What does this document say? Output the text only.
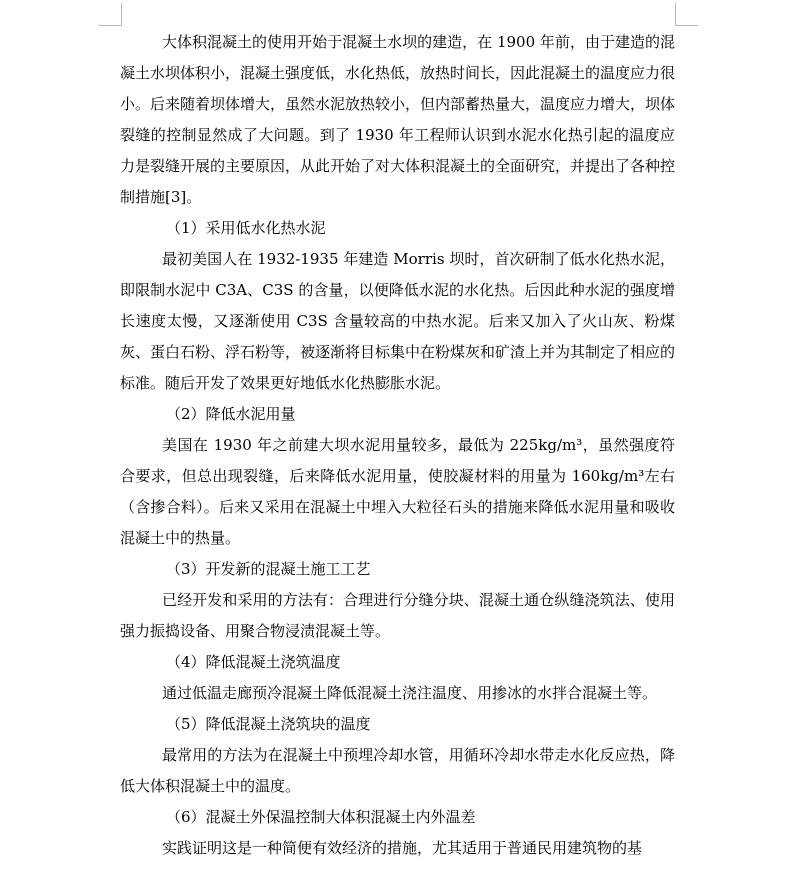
大体积混凝土的使用开始于混凝土水坝的建造，在 1900 年前，由于建造的混凝土水坝体积小，混凝土强度低，水化热低，放热时间长，因此混凝土的温度应力很小。后来随着坝体增大，虽然水泥放热较小，但内部蓄热量大，温度应力增大，坝体裂缝的控制显然成了大问题。到了 1930 年工程师认识到水泥水化热引起的温度应力是裂缝开展的主要原因，从此开始了对大体积混凝土的全面研究，并提出了各种控制措施[3]。

（1）采用低水化热水泥

最初美国人在 1932-1935 年建造 Morris 坝时，首次研制了低水化热水泥，即限制水泥中 C3A、C3S 的含量，以便降低水泥的水化热。后因此种水泥的强度增长速度太慢，又逐渐使用 C3S 含量较高的中热水泥。后来又加入了火山灰、粉煤灰、蛋白石粉、浮石粉等，被逐渐将目标集中在粉煤灰和矿渣上并为其制定了相应的标准。随后开发了效果更好地低水化热膨胀水泥。

（2）降低水泥用量

美国在 1930 年之前建大坝水泥用量较多，最低为 225kg/m³，虽然强度符合要求，但总出现裂缝，后来降低水泥用量，使胶凝材料的用量为 160kg/m³左右（含掺合料）。后来又采用在混凝土中埋入大粒径石头的措施来降低水泥用量和吸收混凝土中的热量。

（3）开发新的混凝土施工工艺

已经开发和采用的方法有：合理进行分缝分块、混凝土通仓纵缝浇筑法、使用强力振捣设备、用聚合物浸渍混凝土等。

（4）降低混凝土浇筑温度

通过低温走廊预冷混凝土降低混凝土浇注温度、用掺冰的水拌合混凝土等。

（5）降低混凝土浇筑块的温度

最常用的方法为在混凝土中预埋冷却水管，用循环冷却水带走水化反应热，降低大体积混凝土中的温度。

（6）混凝土外保温控制大体积混凝土内外温差

实践证明这是一种简便有效经济的措施，尤其适用于普通民用建筑物的基
